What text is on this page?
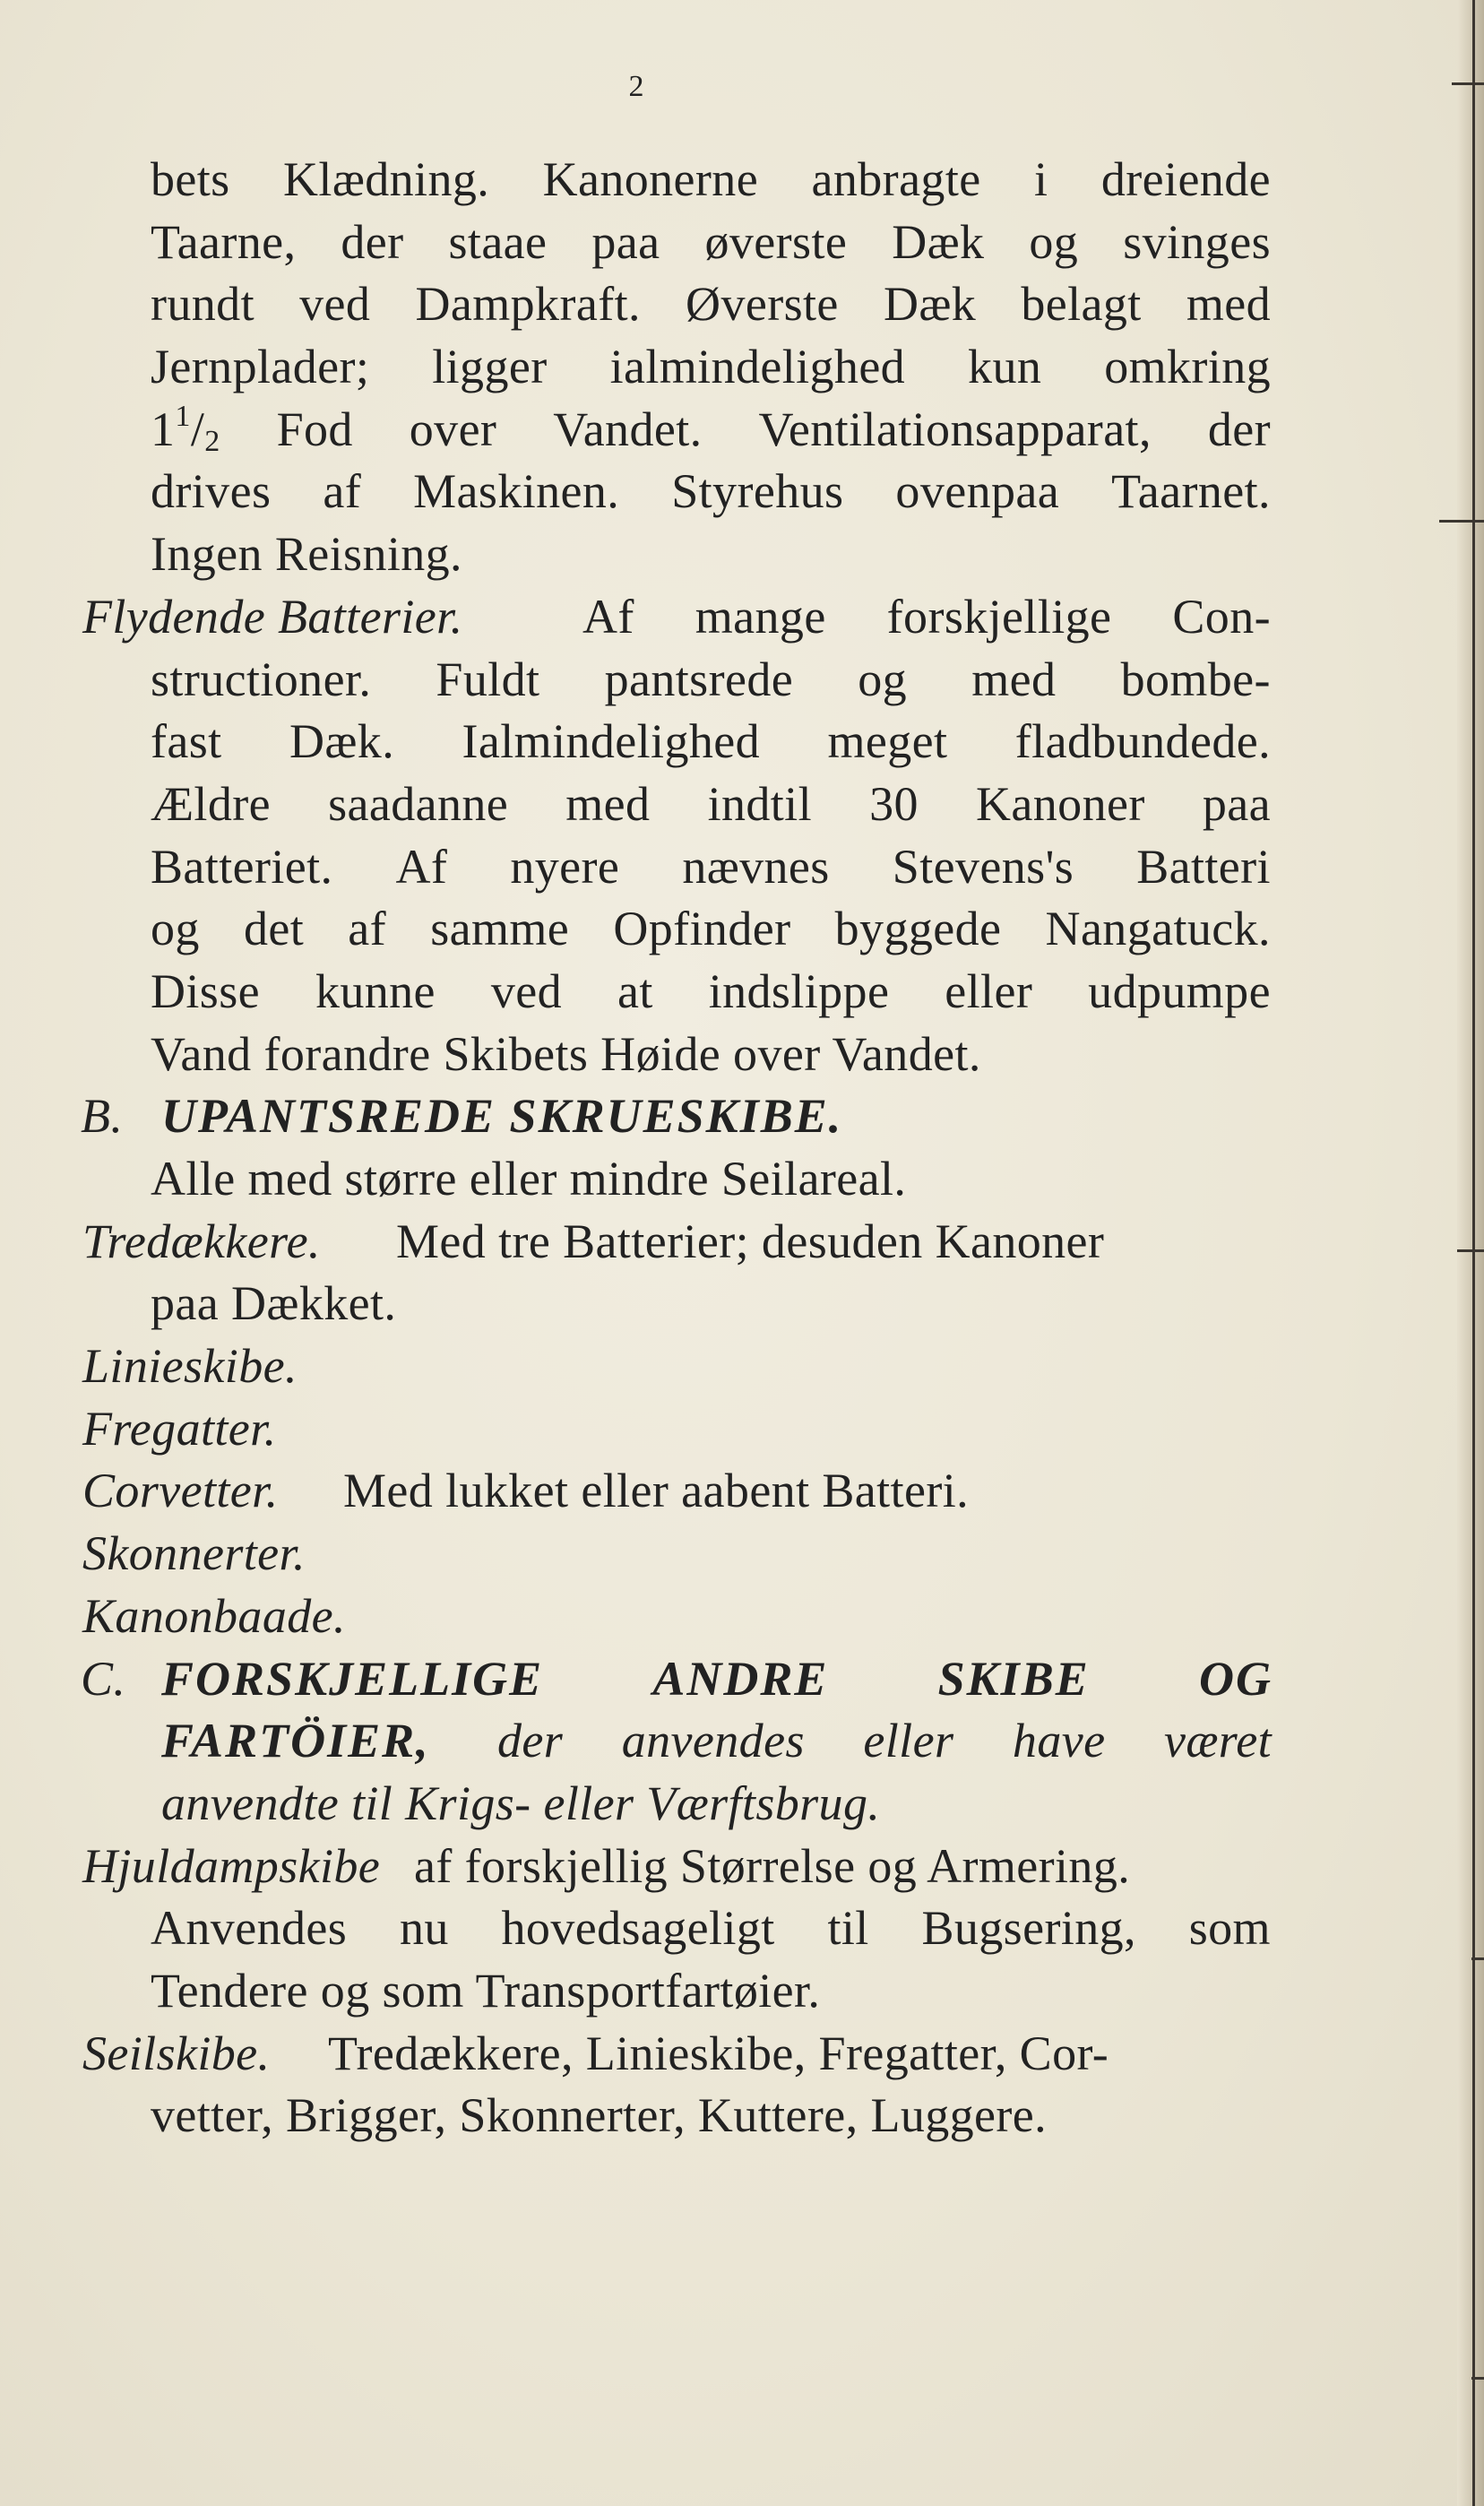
2
bets Klædning. Kanonerne anbragte i dreiende
Taarne, der staae paa øverste Dæk og svinges
rundt ved Dampkraft. Øverste Dæk belagt med
Jernplader; ligger ialmindelighed kun omkring
$1^1/_2$ Fod over Vandet. Ventilationsapparat, der
drives af Maskinen. Styrehus ovenpaa Taarnet.
Ingen Reisning.
Flydende Batterier. Af mange forskjellige Con-
structioner. Fuldt pantsrede og med bombe-
fast Dæk. Ialmindelighed meget fladbundede.
Ældre saadanne med indtil 30 Kanoner paa
Batteriet. Af nyere nævnes Stevens's Batteri
og det af samme Opfinder byggede Nangatuck.
Disse kunne ved at indslippe eller udpumpe
Vand forandre Skibets Høide over Vandet.
B. UPANTSREDE SKRUESKIBE.
Alle med større eller mindre Seilareal.
Tredækkere. Med tre Batterier; desuden Kanoner
paa Dækket.
Linieskibe.
Fregatter.
Corvetter. Med lukket eller aabent Batteri.
Skonnerter.
Kanonbaade.
C. FORSKJELLIGE ANDRE SKIBE OG
FARTÖIER, der anvendes eller have været
anvendte til Krigs- eller Værftsbrug.
Hjuldampskibe af forskjellig Størrelse og Armering.
Anvendes nu hovedsageligt til Bugsering, som
Tendere og som Transportfartøier.
Seilskibe. Tredækkere, Linieskibe, Fregatter, Cor-
vetter, Brigger, Skonnerter, Kuttere, Luggere.
